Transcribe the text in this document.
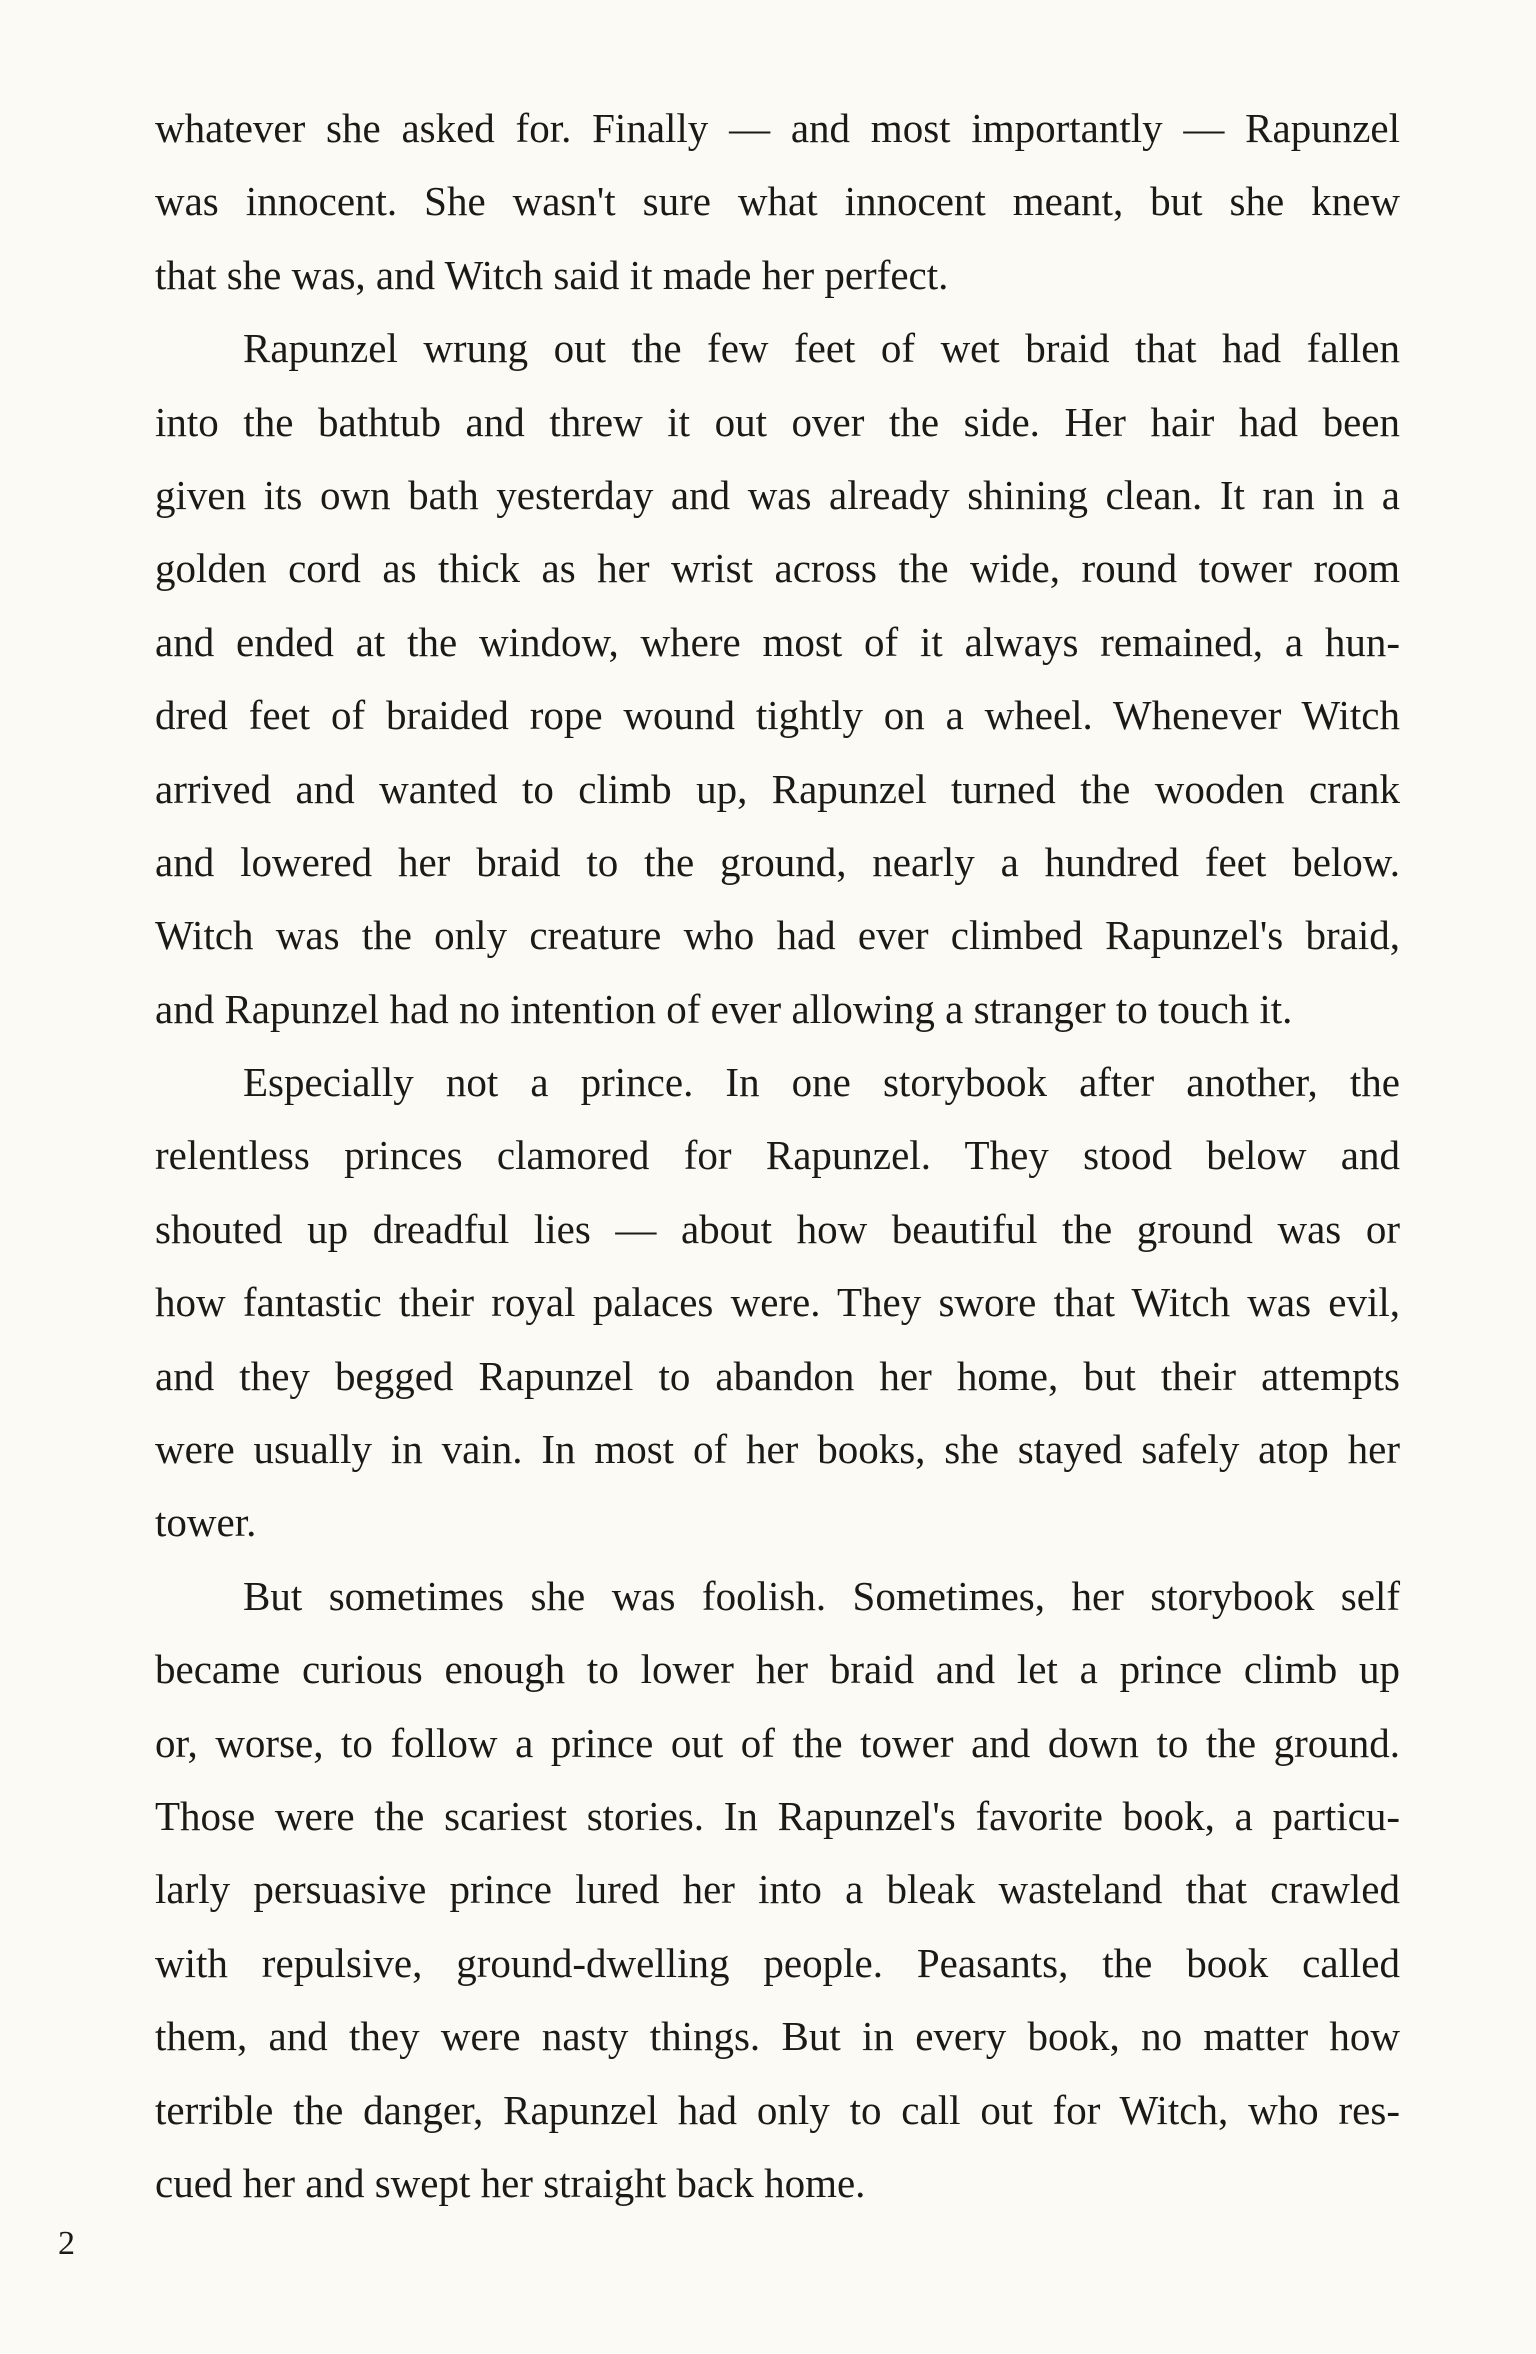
whatever she asked for. Finally — and most importantly — Rapunzel
was innocent. She wasn't sure what innocent meant, but she knew
that she was, and Witch said it made her perfect.
Rapunzel wrung out the few feet of wet braid that had fallen
into the bathtub and threw it out over the side. Her hair had been
given its own bath yesterday and was already shining clean. It ran in a
golden cord as thick as her wrist across the wide, round tower room
and ended at the window, where most of it always remained, a hun-
dred feet of braided rope wound tightly on a wheel. Whenever Witch
arrived and wanted to climb up, Rapunzel turned the wooden crank
and lowered her braid to the ground, nearly a hundred feet below.
Witch was the only creature who had ever climbed Rapunzel's braid,
and Rapunzel had no intention of ever allowing a stranger to touch it.
Especially not a prince. In one storybook after another, the
relentless princes clamored for Rapunzel. They stood below and
shouted up dreadful lies — about how beautiful the ground was or
how fantastic their royal palaces were. They swore that Witch was evil,
and they begged Rapunzel to abandon her home, but their attempts
were usually in vain. In most of her books, she stayed safely atop her
tower.
But sometimes she was foolish. Sometimes, her storybook self
became curious enough to lower her braid and let a prince climb up
or, worse, to follow a prince out of the tower and down to the ground.
Those were the scariest stories. In Rapunzel's favorite book, a particu-
larly persuasive prince lured her into a bleak wasteland that crawled
with repulsive, ground-dwelling people. Peasants, the book called
them, and they were nasty things. But in every book, no matter how
terrible the danger, Rapunzel had only to call out for Witch, who res-
cued her and swept her straight back home.
2
